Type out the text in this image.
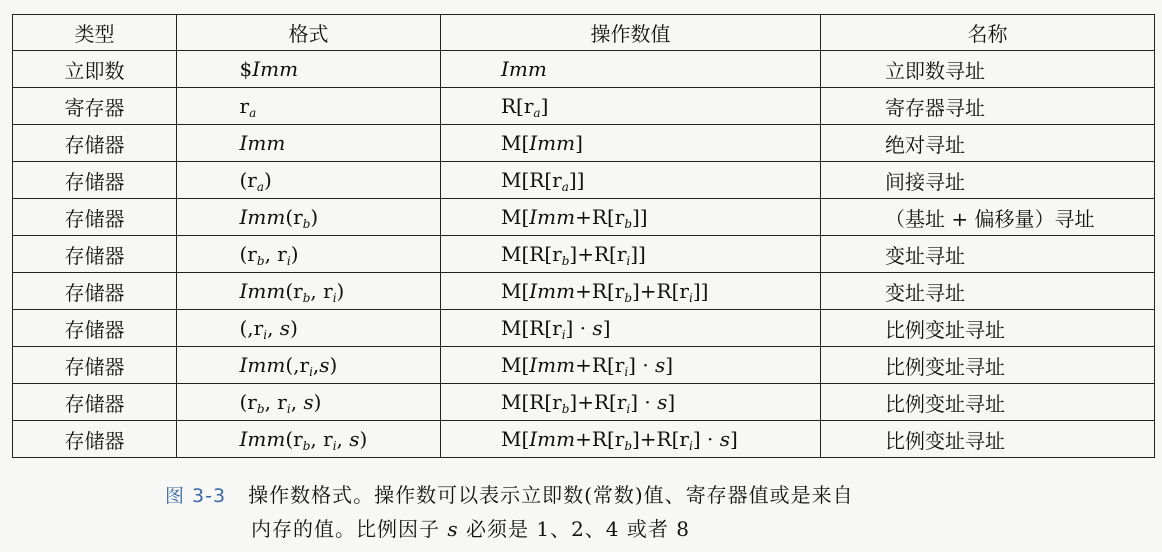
类型	格式	操作数值	名称
立即数	$Imm	Imm	立即数寻址
寄存器	$r_a$	$R[r_a]$	寄存器寻址
存储器	Imm	M[Imm]	绝对寻址
存储器	$(r_a)$	$M[R[r_a]]$	间接寻址
存储器	$Imm(r_b)$	$M[Imm+R[r_b]]$	（基址 + 偏移量）寻址
存储器	($r_b$, $r_i$)	$M[R[r_b]+R[r_i]]$	变址寻址
存储器	$Imm(r_b$, $r_i$)	$M[Imm+R[r_b]+R[r_i]]$	变址寻址
存储器	($,r_i$, s)	$M[R[r_i] \cdot s]$	比例变址寻址
存储器	$Imm(,r_i,s)$	$M[Imm+R[r_i] \cdot s]$	比例变址寻址
存储器	($r_b$, $r_i$, s)	$M[R[r_b]+R[r_i] \cdot s]$	比例变址寻址
存储器	$Imm(r_b$, $r_i$, s)	$M[Imm+R[r_b]+R[r_i] \cdot s]$	比例变址寻址
图 3-3 操作数格式。操作数可以表示立即数(常数)值、寄存器值或是来自
内存的值。比例因子 s 必须是 1、2、4 或者 8
